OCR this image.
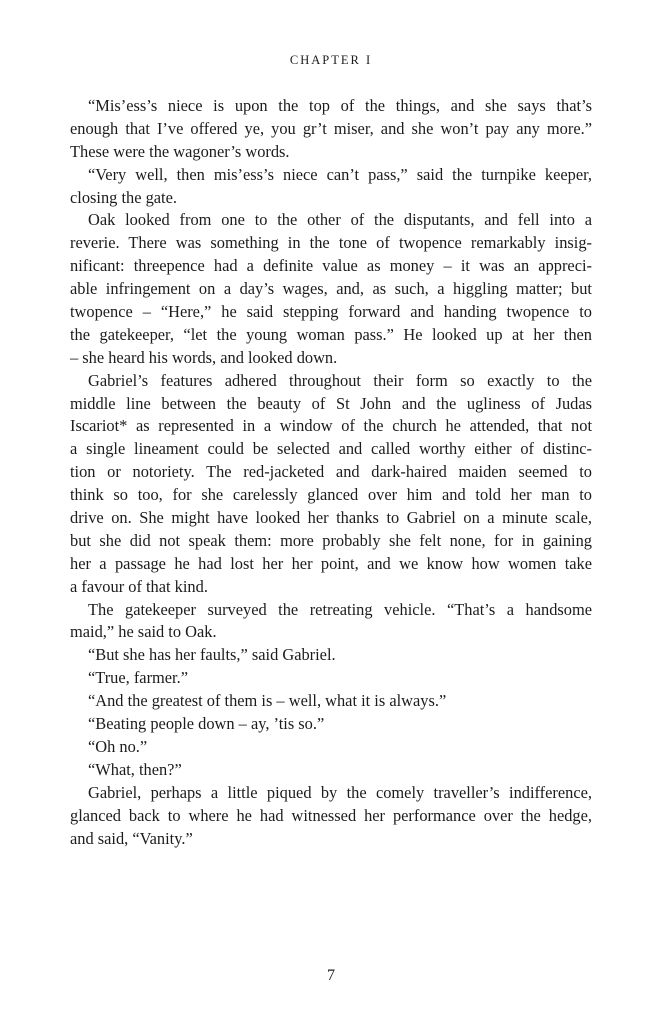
CHAPTER I
“Mis’ess’s niece is upon the top of the things, and she says that’s
enough that I’ve offered ye, you gr’t miser, and she won’t pay any more.”
These were the wagoner’s words.
“Very well, then mis’ess’s niece can’t pass,” said the turnpike keeper,
closing the gate.
Oak looked from one to the other of the disputants, and fell into a
reverie. There was something in the tone of twopence remarkably insig-
nificant: threepence had a definite value as money – it was an appreci-
able infringement on a day’s wages, and, as such, a higgling matter; but
twopence – “Here,” he said stepping forward and handing twopence to
the gatekeeper, “let the young woman pass.” He looked up at her then
– she heard his words, and looked down.
Gabriel’s features adhered throughout their form so exactly to the
middle line between the beauty of St John and the ugliness of Judas
Iscariot* as represented in a window of the church he attended, that not
a single lineament could be selected and called worthy either of distinc-
tion or notoriety. The red-jacketed and dark-haired maiden seemed to
think so too, for she carelessly glanced over him and told her man to
drive on. She might have looked her thanks to Gabriel on a minute scale,
but she did not speak them: more probably she felt none, for in gaining
her a passage he had lost her her point, and we know how women take
a favour of that kind.
The gatekeeper surveyed the retreating vehicle. “That’s a handsome
maid,” he said to Oak.
“But she has her faults,” said Gabriel.
“True, farmer.”
“And the greatest of them is – well, what it is always.”
“Beating people down – ay, ’tis so.”
“Oh no.”
“What, then?”
Gabriel, perhaps a little piqued by the comely traveller’s indifference,
glanced back to where he had witnessed her performance over the hedge,
and said, “Vanity.”
7
